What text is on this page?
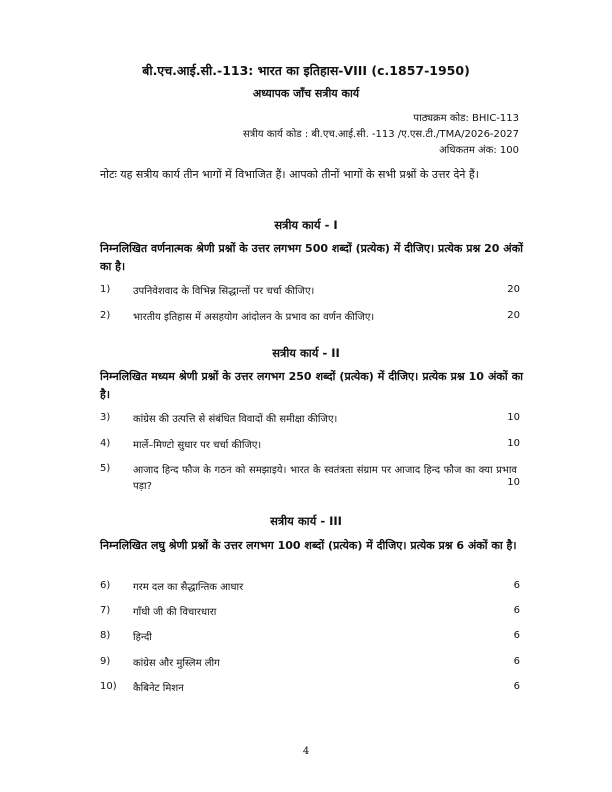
बी.एच.आई.सी.-113: भारत का इतिहास-VIII (c.1857-1950)
अध्यापक जाँच सत्रीय कार्य
पाठ्यक्रम कोड: BHIC-113
सत्रीय कार्य कोड : बी.एच.आई.सी. -113 /ए.एस.टी./TMA/2026-2027
अधिकतम अंक: 100
नोटः यह सत्रीय कार्य तीन भागों में विभाजित हैं। आपको तीनों भागों के सभी प्रश्नों के उत्तर देने हैं।
सत्रीय कार्य - I
निम्नलिखित वर्णनात्मक श्रेणी प्रश्नों के उत्तर लगभग 500 शब्दों (प्रत्येक) में दीजिए। प्रत्येक प्रश्न 20 अंकों का है।
1) उपनिवेशवाद के विभिन्न सिद्धान्तों पर चर्चा कीजिए।	20
2) भारतीय इतिहास में असहयोग आंदोलन के प्रभाव का वर्णन कीजिए।	20
सत्रीय कार्य - II
निम्नलिखित मध्यम श्रेणी प्रश्नों के उत्तर लगभग 250 शब्दों (प्रत्येक) में दीजिए। प्रत्येक प्रश्न 10 अंकों का है।
3) कांग्रेस की उत्पत्ति से संबंधित विवादों की समीक्षा कीजिए।	10
4) मार्ले–मिण्टो सुधार पर चर्चा कीजिए।	10
5) आजाद हिन्द फौज के गठन को समझाइये। भारत के स्वतंत्रता संग्राम पर आजाद हिन्द फौज का क्या प्रभाव पड़ा?	10
सत्रीय कार्य - III
निम्नलिखित लघु श्रेणी प्रश्नों के उत्तर लगभग 100 शब्दों (प्रत्येक) में दीजिए। प्रत्येक प्रश्न 6 अंकों का है।
6) गरम दल का सैद्धान्तिक आधार	6
7) गाँधी जी की विचारधारा	6
8) हिन्दी	6
9) कांग्रेस और मुस्लिम लीग	6
10) कैबिनेट मिशन	6
4
